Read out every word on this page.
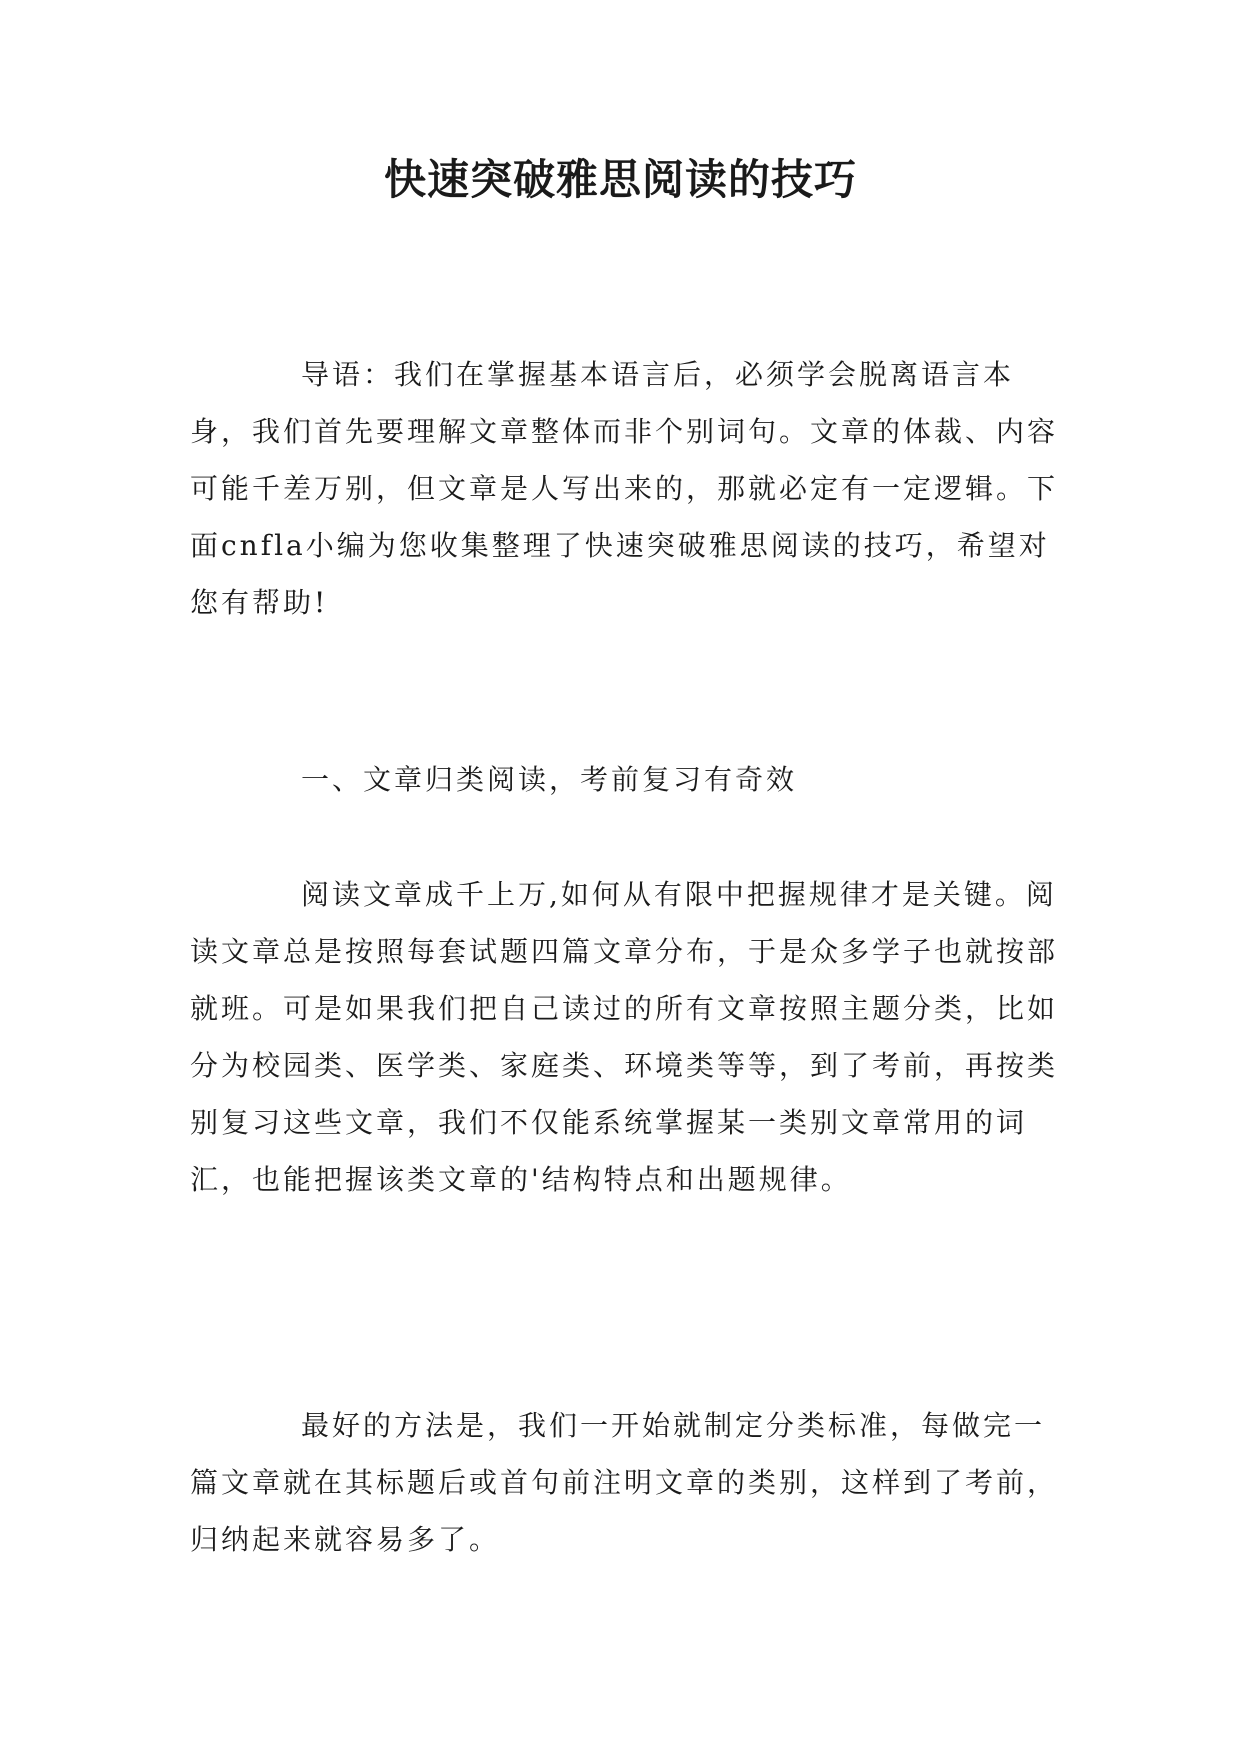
快速突破雅思阅读的技巧

导语：我们在掌握基本语言后，必须学会脱离语言本身，我们首先要理解文章整体而非个别词句。文章的体裁、内容可能千差万别，但文章是人写出来的，那就必定有一定逻辑。下面cnfla小编为您收集整理了快速突破雅思阅读的技巧，希望对您有帮助!

一、文章归类阅读，考前复习有奇效

阅读文章成千上万,如何从有限中把握规律才是关键。阅读文章总是按照每套试题四篇文章分布，于是众多学子也就按部就班。可是如果我们把自己读过的所有文章按照主题分类，比如分为校园类、医学类、家庭类、环境类等等，到了考前，再按类别复习这些文章，我们不仅能系统掌握某一类别文章常用的词汇，也能把握该类文章的'结构特点和出题规律。

最好的方法是，我们一开始就制定分类标准，每做完一篇文章就在其标题后或首句前注明文章的类别，这样到了考前，归纳起来就容易多了。
